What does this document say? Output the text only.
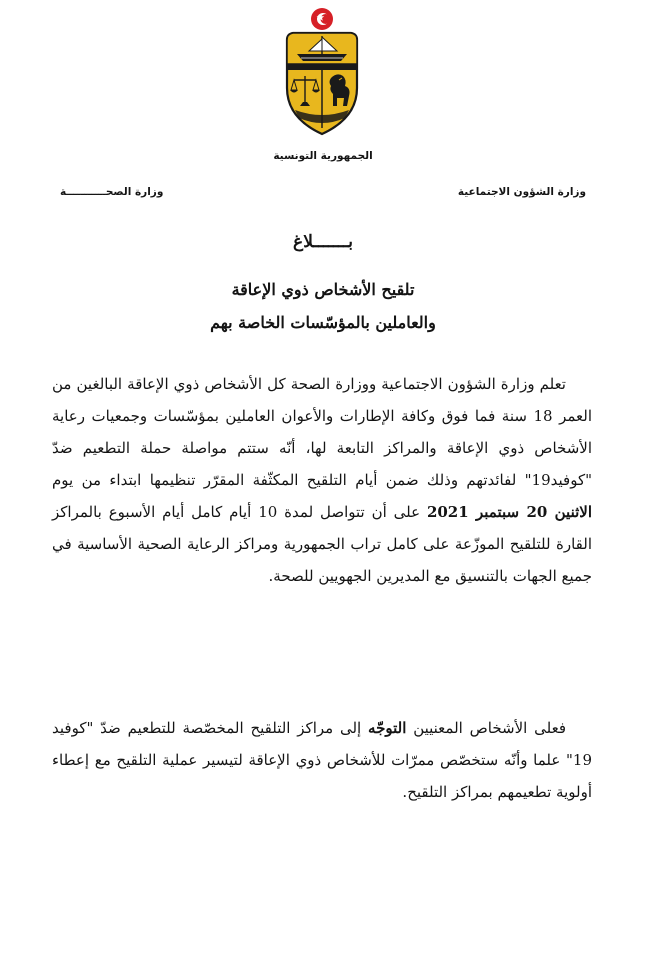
الجمهورية التونسية
وزارة الشؤون الاجتماعية
وزارة الصحـــــــــــة
بـــــــلاغ
تلقيح الأشخاص ذوي الإعاقة
والعاملين بالمؤسّسات الخاصة بهم
تعلم وزارة الشؤون الاجتماعية ووزارة الصحة كل الأشخاص ذوي الإعاقة البالغين من العمر 18 سنة فما فوق وكافة الإطارات والأعوان العاملين بمؤسّسات وجمعيات رعاية الأشخاص ذوي الإعاقة والمراكز التابعة لها، أنّه ستتم مواصلة حملة التطعيم ضدّ "كوفيد19" لفائدتهم وذلك ضمن أيام التلقيح المكثّفة المقرّر تنظيمها ابتداء من يوم الاثنين 20 سبتمبر 2021 على أن تتواصل لمدة 10 أيام كامل أيام الأسبوع بالمراكز القارة للتلقيح الموزّعة على كامل تراب الجمهورية ومراكز الرعاية الصحية الأساسية في جميع الجهات بالتنسيق مع المديرين الجهويين للصحة.
فعلى الأشخاص المعنيين التوجّه إلى مراكز التلقيح المخصّصة للتطعيم ضدّ "كوفيد 19" علما وأنّه ستخصّص ممرّات للأشخاص ذوي الإعاقة لتيسير عملية التلقيح مع إعطاء أولوية تطعيمهم بمراكز التلقيح.
